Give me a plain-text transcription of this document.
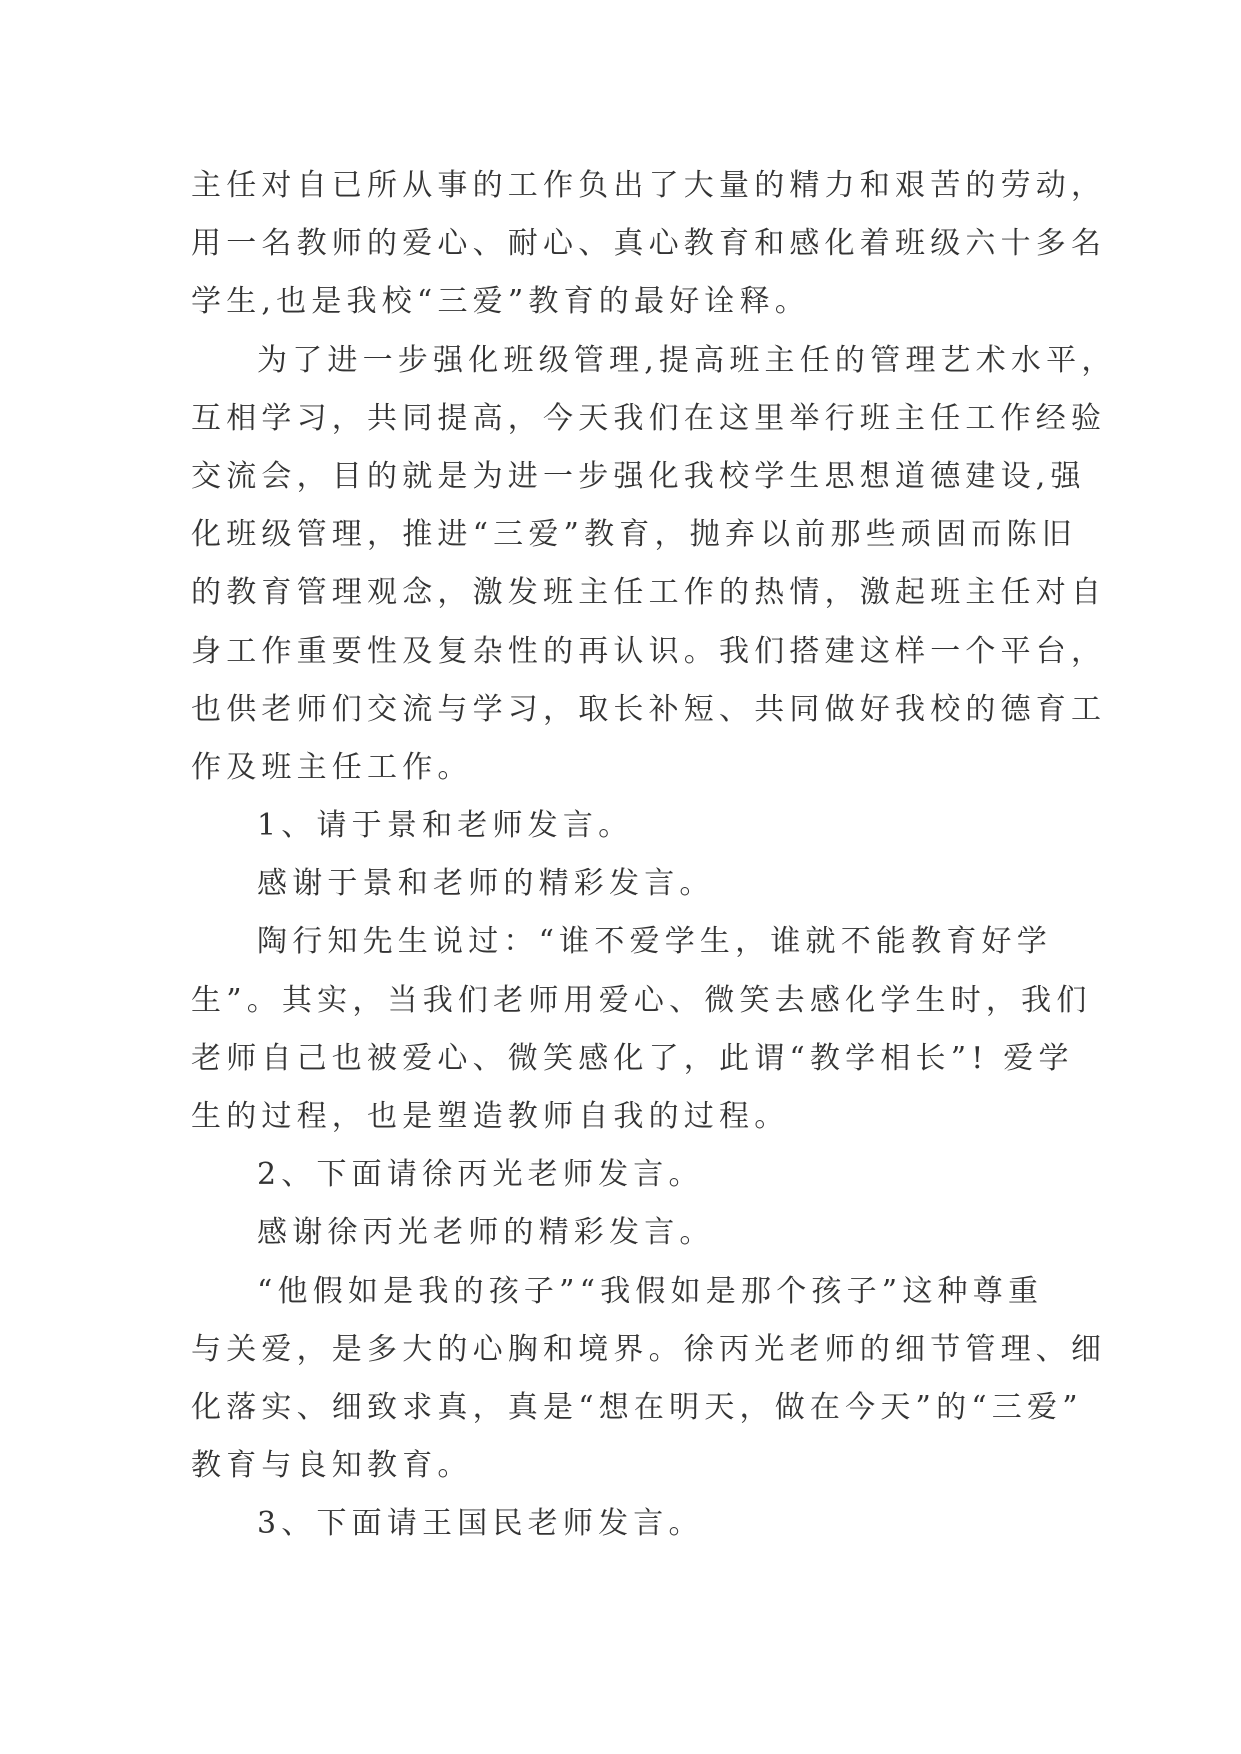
主任对自已所从事的工作负出了大量的精力和艰苦的劳动，
用一名教师的爱心、耐心、真心教育和感化着班级六十多名
学生,也是我校“三爱”教育的最好诠释。
为了进一步强化班级管理,提高班主任的管理艺术水平，
互相学习，共同提高，今天我们在这里举行班主任工作经验
交流会，目的就是为进一步强化我校学生思想道德建设,强
化班级管理，推进“三爱”教育，抛弃以前那些顽固而陈旧
的教育管理观念，激发班主任工作的热情，激起班主任对自
身工作重要性及复杂性的再认识。我们搭建这样一个平台，
也供老师们交流与学习，取长补短、共同做好我校的德育工
作及班主任工作。
1、请于景和老师发言。
感谢于景和老师的精彩发言。
陶行知先生说过：“谁不爱学生，谁就不能教育好学
生”。其实，当我们老师用爱心、微笑去感化学生时，我们
老师自己也被爱心、微笑感化了，此谓“教学相长”! 爱学
生的过程，也是塑造教师自我的过程。
2、下面请徐丙光老师发言。
感谢徐丙光老师的精彩发言。
“他假如是我的孩子”“我假如是那个孩子”这种尊重
与关爱，是多大的心胸和境界。徐丙光老师的细节管理、细
化落实、细致求真，真是“想在明天，做在今天”的“三爱”
教育与良知教育。
3、下面请王国民老师发言。
